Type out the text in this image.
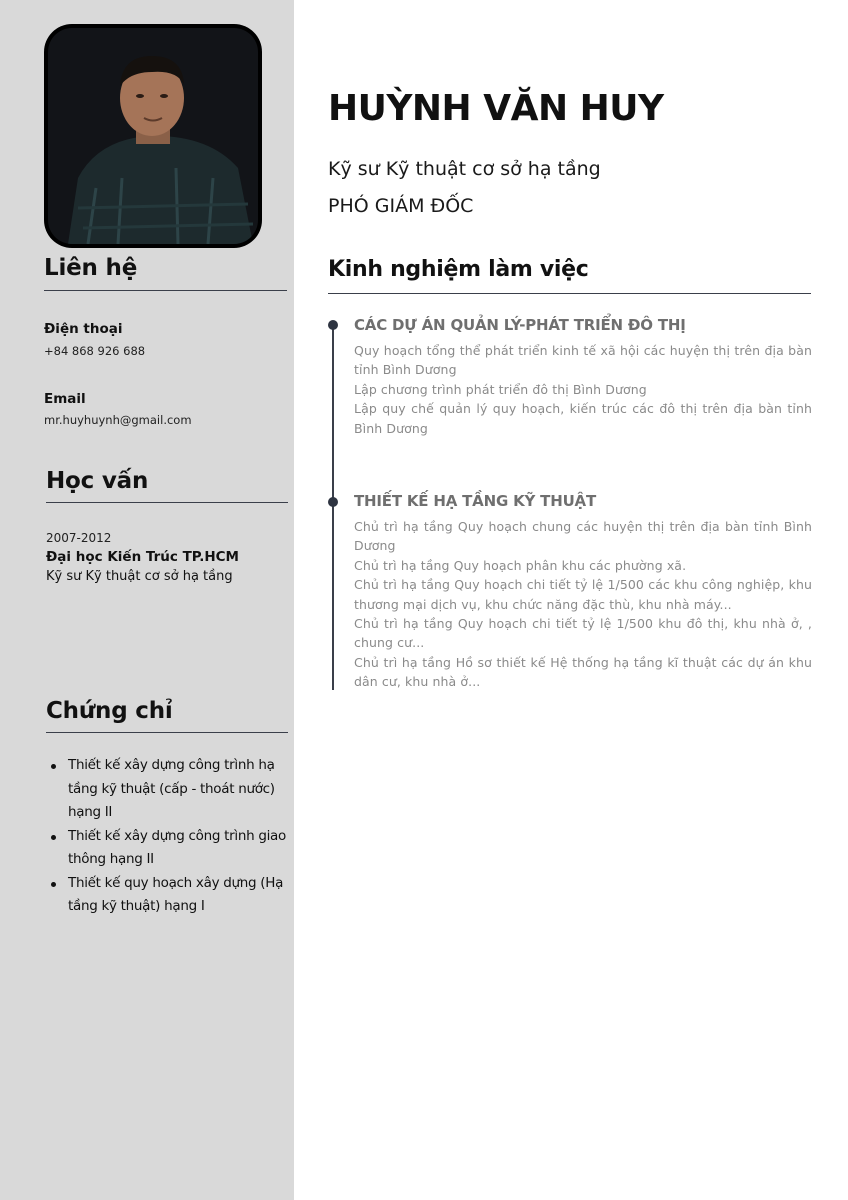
Liên hệ
Điện thoại
+84 868 926 688
Email
mr.huyhuynh@gmail.com
Học vấn
2007-2012
Đại học Kiến Trúc TP.HCM
Kỹ sư Kỹ thuật cơ sở hạ tầng
Chứng chỉ
Thiết kế xây dựng công trình hạ tầng kỹ thuật (cấp - thoát nước) hạng II
Thiết kế xây dựng công trình giao thông hạng II
Thiết kế quy hoạch xây dựng (Hạ tầng kỹ thuật) hạng I
HUỲNH VĂN HUY
Kỹ sư Kỹ thuật cơ sở hạ tầng
PHÓ GIÁM ĐỐC
Kinh nghiệm làm việc
CÁC DỰ ÁN QUẢN LÝ-PHÁT TRIỂN ĐÔ THỊ
Quy hoạch tổng thể phát triển kinh tế xã hội các huyện thị trên địa bàn tỉnh Bình Dương
Lập chương trình phát triển đô thị Bình Dương
Lập quy chế quản lý quy hoạch, kiến trúc các đô thị trên địa bàn tỉnh Bình Dương
THIẾT KẾ HẠ TẦNG KỸ THUẬT
Chủ trì hạ tầng Quy hoạch chung các huyện thị trên địa bàn tỉnh Bình Dương
Chủ trì hạ tầng Quy hoạch phân khu các phường xã.
Chủ trì hạ tầng Quy hoạch chi tiết tỷ lệ 1/500 các khu công nghiệp, khu thương mại dịch vụ, khu chức năng đặc thù, khu nhà máy...
Chủ trì hạ tầng Quy hoạch chi tiết tỷ lệ 1/500 khu đô thị, khu nhà ở, , chung cư...
Chủ trì hạ tầng Hồ sơ thiết kế Hệ thống hạ tầng kĩ thuật các dự án khu dân cư, khu nhà ở...
